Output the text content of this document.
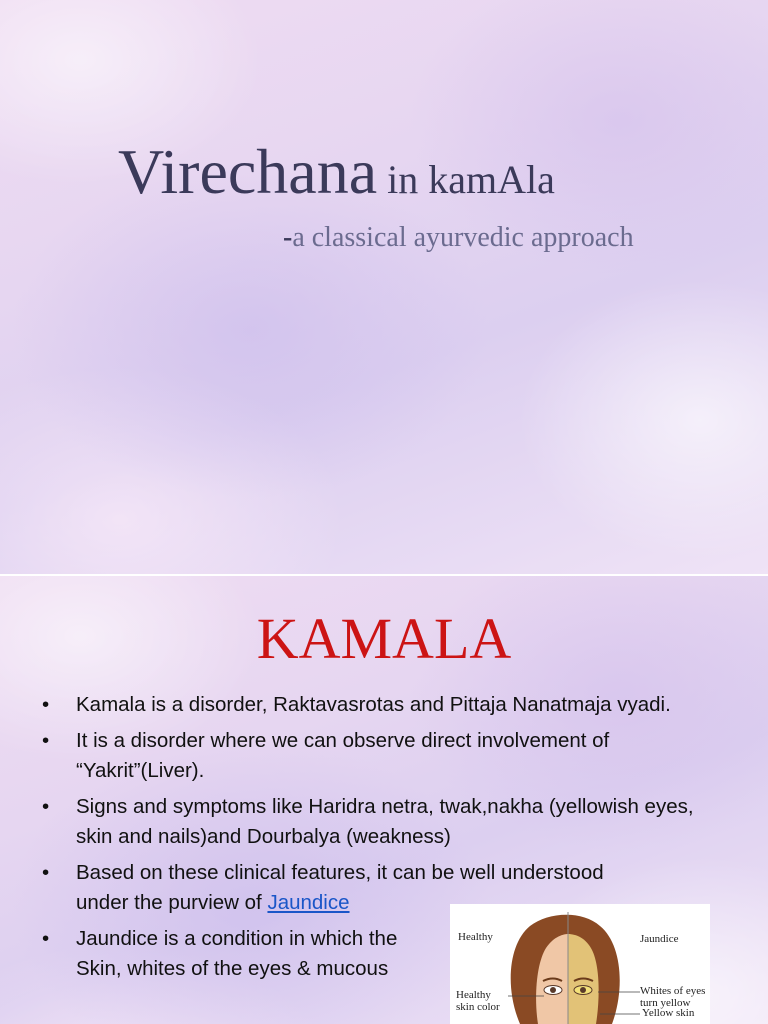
Virechana in kamAla

-a classical ayurvedic approach

KAMALA
• Kamala is a disorder, Raktavasrotas and Pittaja Nanatmaja vyadi.
• It is a disorder where we can observe direct involvement of “Yakrit”(Liver).
• Signs and symptoms like Haridra netra, twak,nakha (yellowish eyes, skin and nails)and Dourbalya (weakness)
• Based on these clinical features, it can be well understood
under the purview of Jaundice
• Jaundice is a condition in which the
Skin, whites of the eyes & mucous
Healthy	Jaundice
Healthy
skin color
Whites of eyes
turn yellow
Yellow skin
